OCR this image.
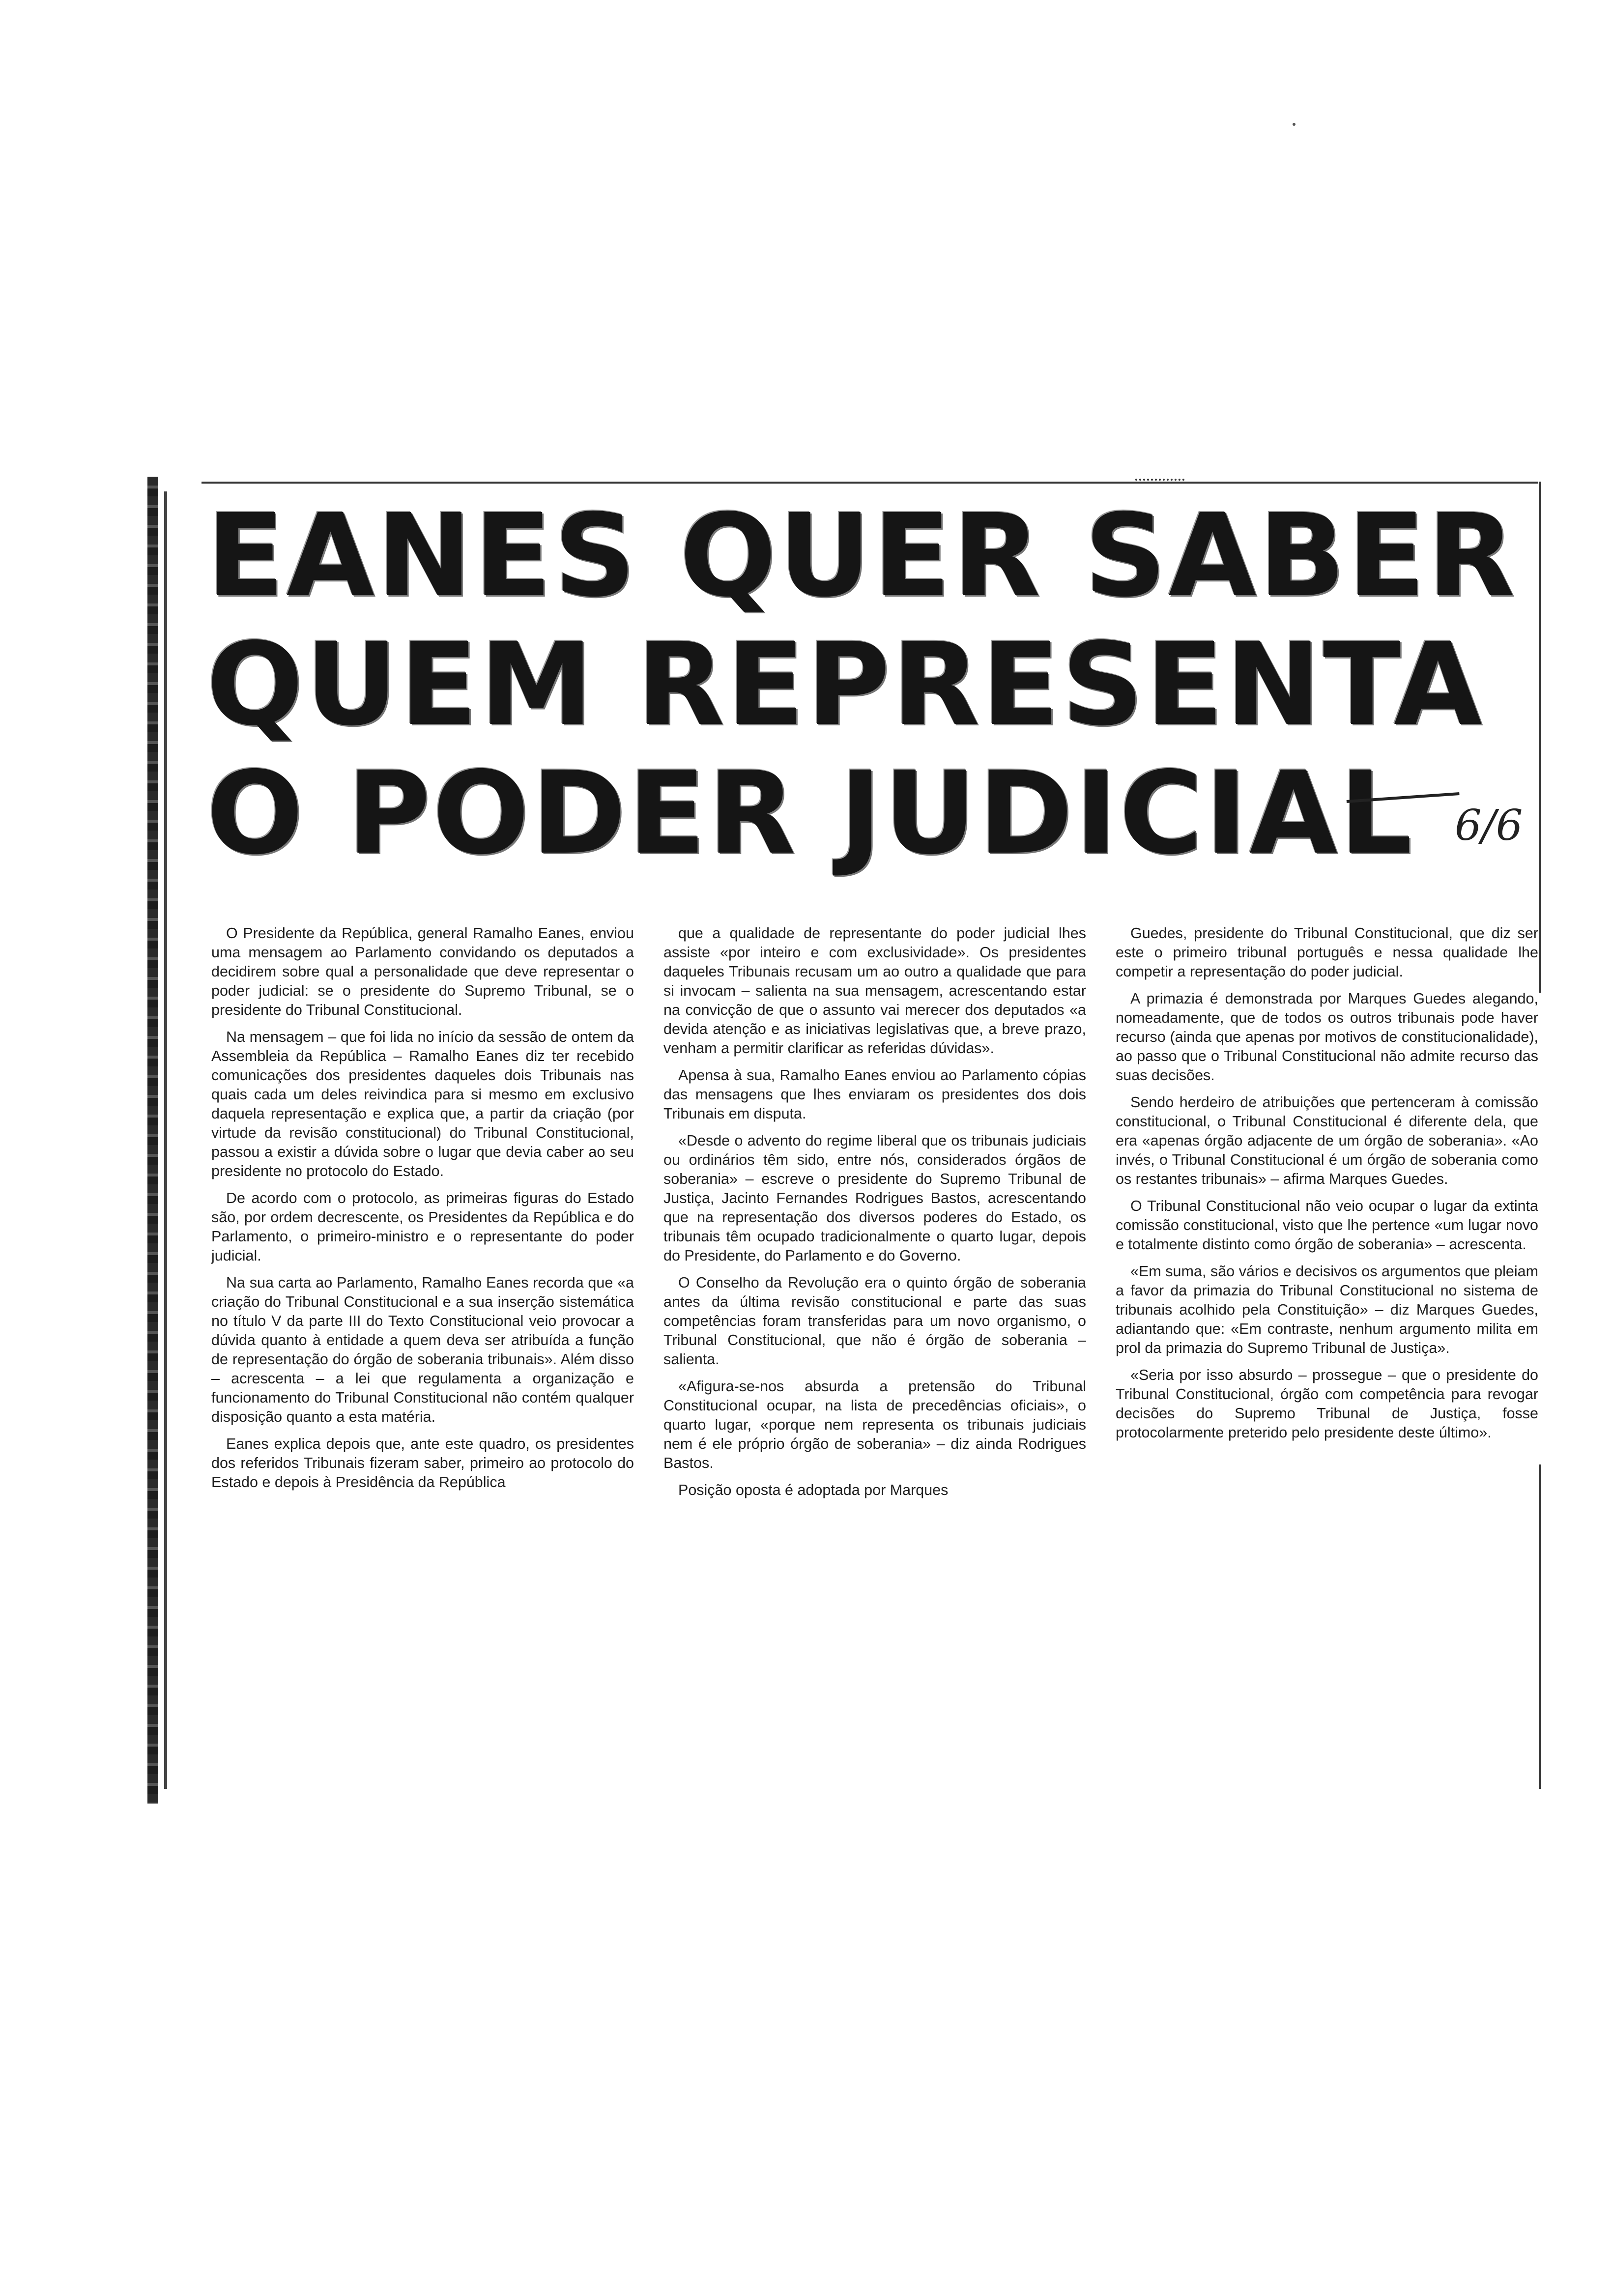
EANES QUER SABER
QUEM REPRESENTA
O PODER JUDICIAL 6/6

O Presidente da República, general Ramalho Eanes, enviou uma mensagem ao Parlamento convidando os deputados a decidirem sobre qual a personalidade que deve representar o poder judicial: se o presidente do Supremo Tribunal, se o presidente do Tribunal Constitucional.

Na mensagem – que foi lida no início da sessão de ontem da Assembleia da República – Ramalho Eanes diz ter recebido comunicações dos presidentes daqueles dois Tribunais nas quais cada um deles reivindica para si mesmo em exclusivo daquela representação e explica que, a partir da criação (por virtude da revisão constitucional) do Tribunal Constitucional, passou a existir a dúvida sobre o lugar que devia caber ao seu presidente no protocolo do Estado.

De acordo com o protocolo, as primeiras figuras do Estado são, por ordem decrescente, os Presidentes da República e do Parlamento, o primeiro-ministro e o representante do poder judicial.

Na sua carta ao Parlamento, Ramalho Eanes recorda que «a criação do Tribunal Constitucional e a sua inserção sistemática no título V da parte III do Texto Constitucional veio provocar a dúvida quanto à entidade a quem deva ser atribuída a função de representação do órgão de soberania tribunais». Além disso – acrescenta – a lei que regulamenta a organização e funcionamento do Tribunal Constitucional não contém qualquer disposição quanto a esta matéria.

Eanes explica depois que, ante este quadro, os presidentes dos referidos Tribunais fizeram saber, primeiro ao protocolo do Estado e depois à Presidência da República

que a qualidade de representante do poder judicial lhes assiste «por inteiro e com exclusividade». Os presidentes daqueles Tribunais recusam um ao outro a qualidade que para si invocam – salienta na sua mensagem, acrescentando estar na convicção de que o assunto vai merecer dos deputados «a devida atenção e as iniciativas legislativas que, a breve prazo, venham a permitir clarificar as referidas dúvidas».

Apensa à sua, Ramalho Eanes enviou ao Parlamento cópias das mensagens que lhes enviaram os presidentes dos dois Tribunais em disputa.

«Desde o advento do regime liberal que os tribunais judiciais ou ordinários têm sido, entre nós, considerados órgãos de soberania» – escreve o presidente do Supremo Tribunal de Justiça, Jacinto Fernandes Rodrigues Bastos, acrescentando que na representação dos diversos poderes do Estado, os tribunais têm ocupado tradicionalmente o quarto lugar, depois do Presidente, do Parlamento e do Governo.

O Conselho da Revolução era o quinto órgão de soberania antes da última revisão constitucional e parte das suas competências foram transferidas para um novo organismo, o Tribunal Constitucional, que não é órgão de soberania – salienta.

«Afigura-se-nos absurda a pretensão do Tribunal Constitucional ocupar, na lista de precedências oficiais», o quarto lugar, «porque nem representa os tribunais judiciais nem é ele próprio órgão de soberania» – diz ainda Rodrigues Bastos.

Posição oposta é adoptada por Marques

Guedes, presidente do Tribunal Constitucional, que diz ser este o primeiro tribunal português e nessa qualidade lhe competir a representação do poder judicial.

A primazia é demonstrada por Marques Guedes alegando, nomeadamente, que de todos os outros tribunais pode haver recurso (ainda que apenas por motivos de constitucionalidade), ao passo que o Tribunal Constitucional não admite recurso das suas decisões.

Sendo herdeiro de atribuições que pertenceram à comissão constitucional, o Tribunal Constitucional é diferente dela, que era «apenas órgão adjacente de um órgão de soberania». «Ao invés, o Tribunal Constitucional é um órgão de soberania como os restantes tribunais» – afirma Marques Guedes.

O Tribunal Constitucional não veio ocupar o lugar da extinta comissão constitucional, visto que lhe pertence «um lugar novo e totalmente distinto como órgão de soberania» – acrescenta.

«Em suma, são vários e decisivos os argumentos que pleiam a favor da primazia do Tribunal Constitucional no sistema de tribunais acolhido pela Constituição» – diz Marques Guedes, adiantando que: «Em contraste, nenhum argumento milita em prol da primazia do Supremo Tribunal de Justiça».

«Seria por isso absurdo – prossegue – que o presidente do Tribunal Constitucional, órgão com competência para revogar decisões do Supremo Tribunal de Justiça, fosse protocolarmente preterido pelo presidente deste último».
